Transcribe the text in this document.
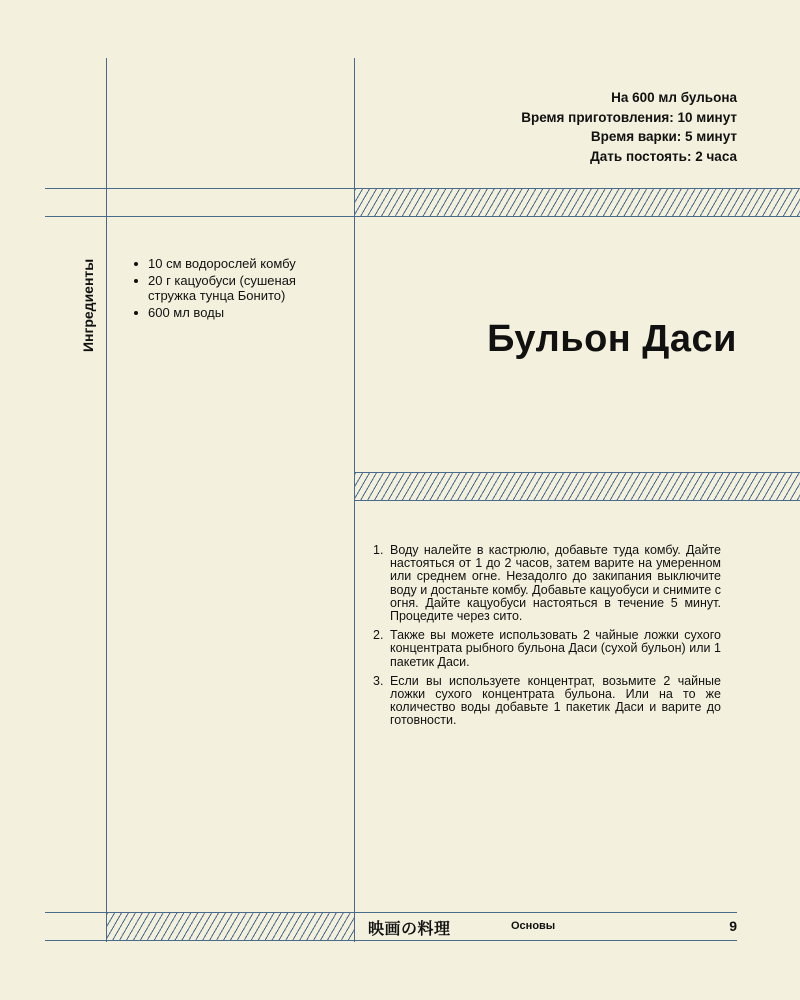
На 600 мл бульона
Время приготовления: 10 минут
Время варки: 5 минут
Дать постоять: 2 часа
Ингредиенты	10 см водорослей комбу
20 г кацуобуси (сушеная стружка тунца Бонито)
600 мл воды
Бульон Даси
1. Воду налейте в кастрюлю, добавьте туда комбу. Дайте настояться от 1 до 2 часов, затем варите на умеренном или среднем огне. Незадолго до закипания выключите воду и достаньте комбу. Добавьте кацуобуси и снимите с огня. Дайте кацуобуси настояться в течение 5 минут. Процедите через сито.
2. Также вы можете использовать 2 чайные ложки сухого концентрата рыбного бульона Даси (сухой бульон) или 1 пакетик Даси.
3. Если вы используете концентрат, возьмите 2 чайные ложки сухого концентрата бульона. Или на то же количество воды добавьте 1 пакетик Даси и варите до готовности.
映画の料理	Основы	9
